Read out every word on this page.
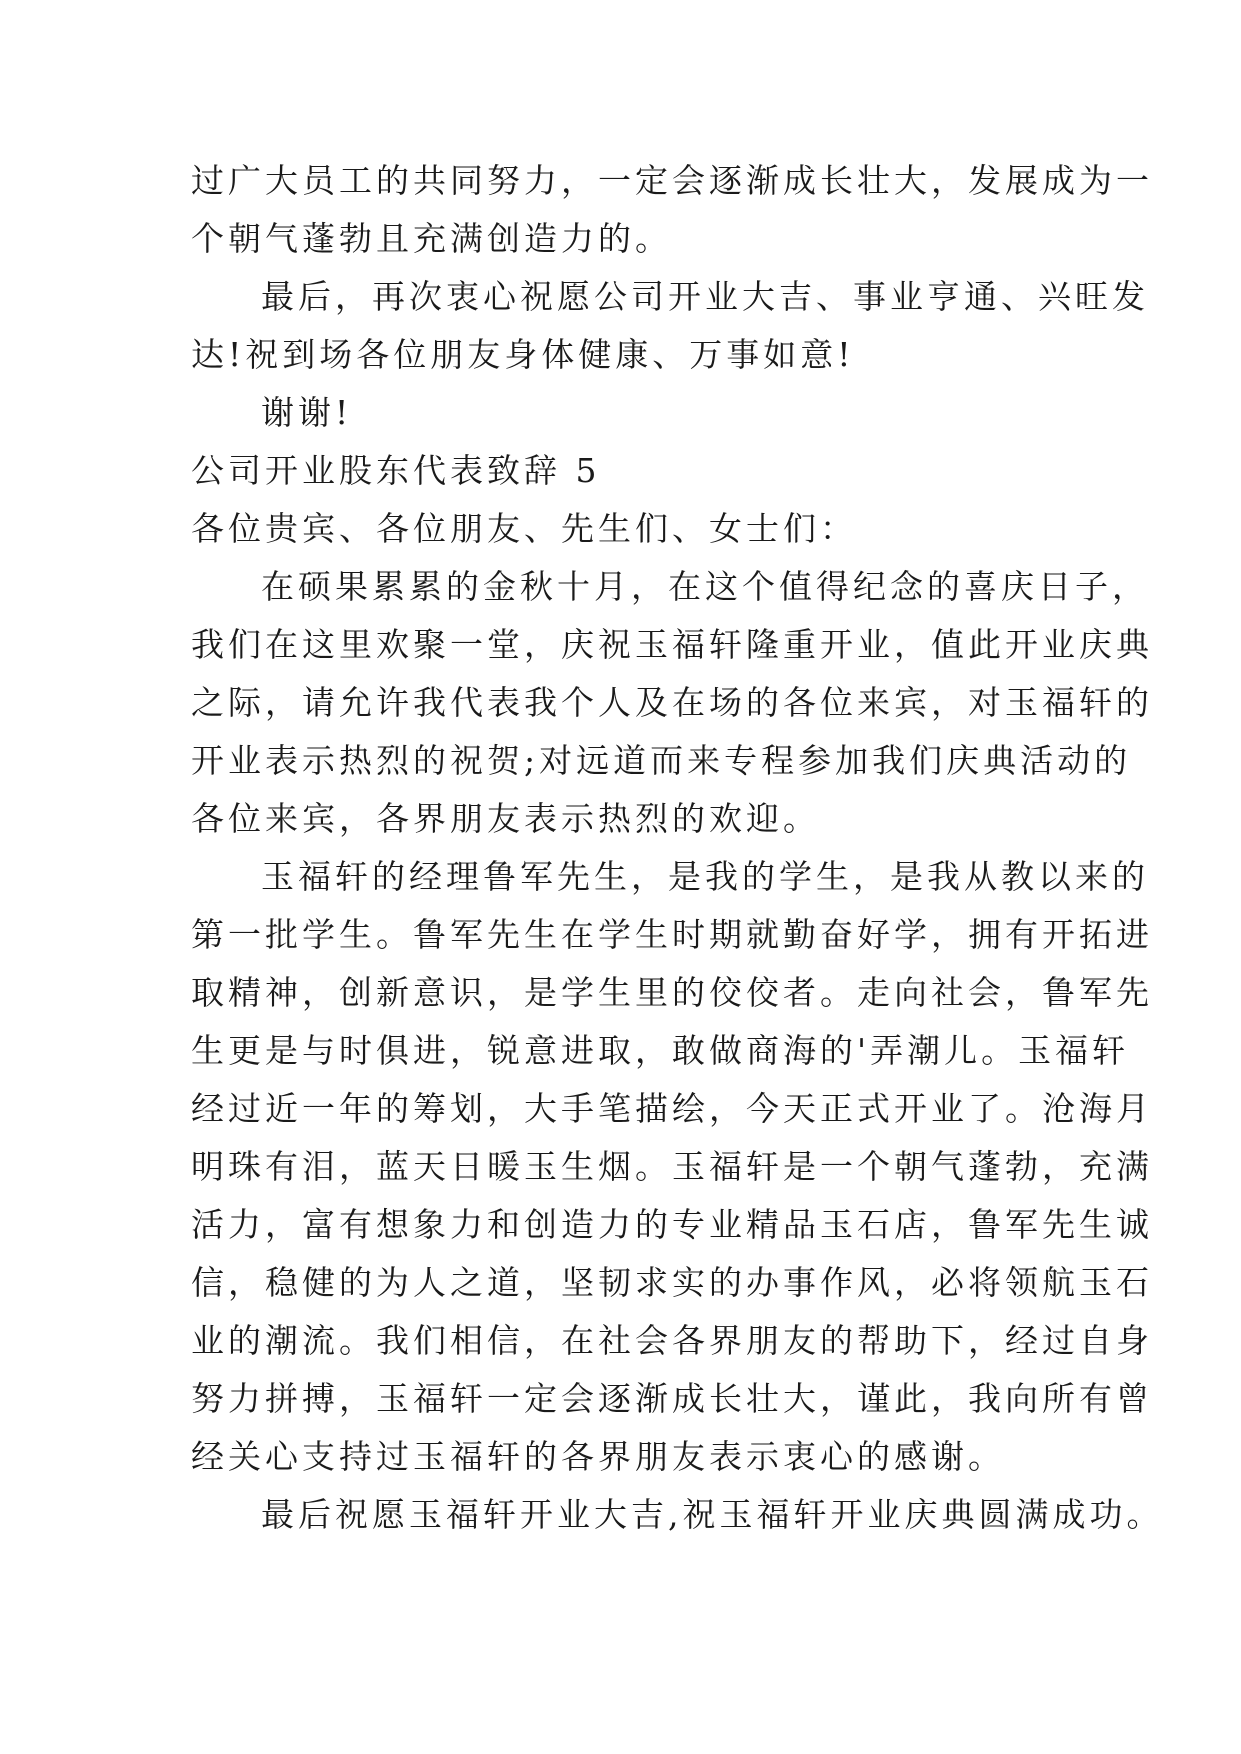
过广大员工的共同努力，一定会逐渐成长壮大，发展成为一
个朝气蓬勃且充满创造力的。
最后，再次衷心祝愿公司开业大吉、事业亨通、兴旺发
达!祝到场各位朋友身体健康、万事如意!
谢谢!
公司开业股东代表致辞 5
各位贵宾、各位朋友、先生们、女士们：
在硕果累累的金秋十月，在这个值得纪念的喜庆日子，
我们在这里欢聚一堂，庆祝玉福轩隆重开业，值此开业庆典
之际，请允许我代表我个人及在场的各位来宾，对玉福轩的
开业表示热烈的祝贺;对远道而来专程参加我们庆典活动的
各位来宾，各界朋友表示热烈的欢迎。
玉福轩的经理鲁军先生，是我的学生，是我从教以来的
第一批学生。鲁军先生在学生时期就勤奋好学，拥有开拓进
取精神，创新意识，是学生里的佼佼者。走向社会，鲁军先
生更是与时俱进，锐意进取，敢做商海的'弄潮儿。玉福轩
经过近一年的筹划，大手笔描绘，今天正式开业了。沧海月
明珠有泪，蓝天日暖玉生烟。玉福轩是一个朝气蓬勃，充满
活力，富有想象力和创造力的专业精品玉石店，鲁军先生诚
信，稳健的为人之道，坚韧求实的办事作风，必将领航玉石
业的潮流。我们相信，在社会各界朋友的帮助下，经过自身
努力拼搏，玉福轩一定会逐渐成长壮大，谨此，我向所有曾
经关心支持过玉福轩的各界朋友表示衷心的感谢。
最后祝愿玉福轩开业大吉,祝玉福轩开业庆典圆满成功。
